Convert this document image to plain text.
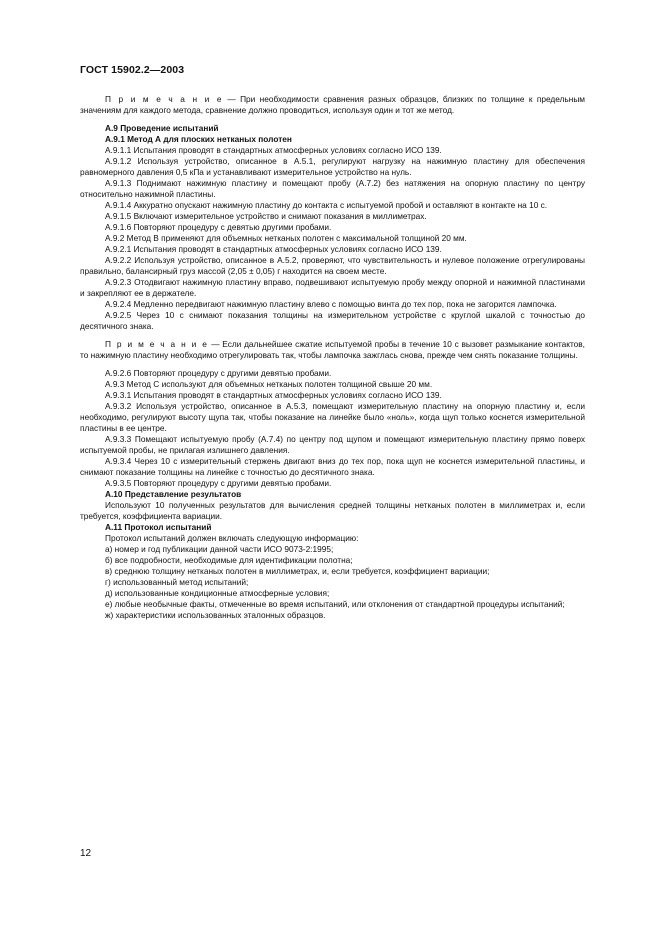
ГОСТ 15902.2—2003

П р и м е ч а н и е — При необходимости сравнения разных образцов, близких по толщине к предельным значениям для каждого метода, сравнение должно проводиться, используя один и тот же метод.

A.9 Проведение испытаний

A.9.1 Метод А для плоских нетканых полотен

A.9.1.1 Испытания проводят в стандартных атмосферных условиях согласно ИСО 139.

A.9.1.2 Используя устройство, описанное в А.5.1, регулируют нагрузку на нажимную пластину для обеспечения равномерного давления 0,5 кПа и устанавливают измерительное устройство на нуль.

A.9.1.3 Поднимают нажимную пластину и помещают пробу (А.7.2) без натяжения на опорную пластину по центру относительно нажимной пластины.

A.9.1.4 Аккуратно опускают нажимную пластину до контакта с испытуемой пробой и оставляют в контакте на 10 с.

A.9.1.5 Включают измерительное устройство и снимают показания в миллиметрах.

A.9.1.6 Повторяют процедуру с девятью другими пробами.

A.9.2 Метод В применяют для объемных нетканых полотен с максимальной толщиной 20 мм.

A.9.2.1 Испытания проводят в стандартных атмосферных условиях согласно ИСО 139.

A.9.2.2 Используя устройство, описанное в А.5.2, проверяют, что чувствительность и нулевое положение отрегулированы правильно, балансирный груз массой (2,05 ± 0,05) г находится на своем месте.

A.9.2.3 Отодвигают нажимную пластину вправо, подвешивают испытуемую пробу между опорной и нажимной пластинами и закрепляют ее в держателе.

A.9.2.4 Медленно передвигают нажимную пластину влево с помощью винта до тех пор, пока не загорится лампочка.

A.9.2.5 Через 10 с снимают показания толщины на измерительном устройстве с круглой шкалой с точностью до десятичного знака.

П р и м е ч а н и е — Если дальнейшее сжатие испытуемой пробы в течение 10 с вызовет размыкание контактов, то нажимную пластину необходимо отрегулировать так, чтобы лампочка зажглась снова, прежде чем снять показание толщины.

A.9.2.6 Повторяют процедуру с другими девятью пробами.

A.9.3 Метод С используют для объемных нетканых полотен толщиной свыше 20 мм.

A.9.3.1 Испытания проводят в стандартных атмосферных условиях согласно ИСО 139.

A.9.3.2 Используя устройство, описанное в А.5.3, помещают измерительную пластину на опорную пластину и, если необходимо, регулируют высоту щупа так, чтобы показание на линейке было «ноль», когда щуп только коснется измерительной пластины в ее центре.

A.9.3.3 Помещают испытуемую пробу (А.7.4) по центру под щупом и помещают измерительную пластину прямо поверх испытуемой пробы, не прилагая излишнего давления.

A.9.3.4 Через 10 с измерительный стержень двигают вниз до тех пор, пока щуп не коснется измерительной пластины, и снимают показание толщины на линейке с точностью до десятичного знака.

A.9.3.5 Повторяют процедуру с другими девятью пробами.

A.10 Представление результатов

Используют 10 полученных результатов для вычисления средней толщины нетканых полотен в миллиметрах и, если требуется, коэффициента вариации.

A.11 Протокол испытаний

Протокол испытаний должен включать следующую информацию:

а) номер и год публикации данной части ИСО 9073-2:1995;

б) все подробности, необходимые для идентификации полотна;

в) среднюю толщину нетканых полотен в миллиметрах, и, если требуется, коэффициент вариации;

г) использованный метод испытаний;

д) использованные кондиционные атмосферные условия;

е) любые необычные факты, отмеченные во время испытаний, или отклонения от стандартной процедуры испытаний;

ж) характеристики использованных эталонных образцов.

12
